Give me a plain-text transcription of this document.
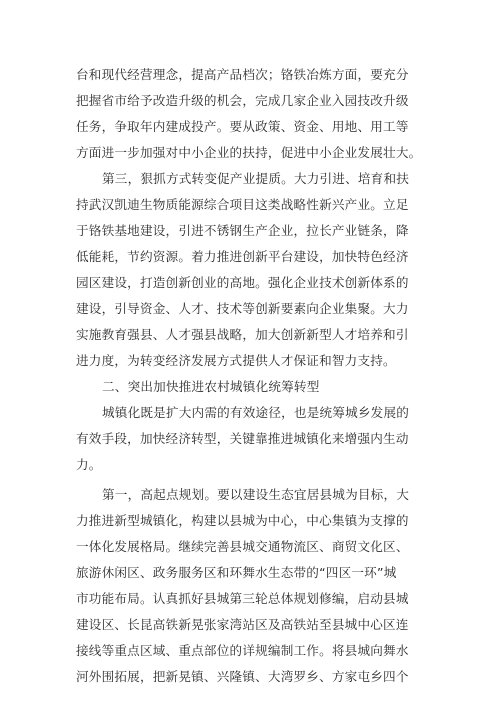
台和现代经营理念，提高产品档次；铬铁冶炼方面，要充分
把握省市给予改造升级的机会，完成几家企业入园技改升级
任务，争取年内建成投产。要从政策、资金、用地、用工等
方面进一步加强对中小企业的扶持，促进中小企业发展壮大。
第三，狠抓方式转变促产业提质。大力引进、培育和扶
持武汉凯迪生物质能源综合项目这类战略性新兴产业。立足
于铬铁基地建设，引进不锈钢生产企业，拉长产业链条，降
低能耗，节约资源。着力推进创新平台建设，加快特色经济
园区建设，打造创新创业的高地。强化企业技术创新体系的
建设，引导资金、人才、技术等创新要素向企业集聚。大力
实施教育强县、人才强县战略，加大创新新型人才培养和引
进力度，为转变经济发展方式提供人才保证和智力支持。
二、突出加快推进农村城镇化统筹转型
城镇化既是扩大内需的有效途径，也是统筹城乡发展的
有效手段，加快经济转型，关键靠推进城镇化来增强内生动
力。
第一，高起点规划。要以建设生态宜居县城为目标，大
力推进新型城镇化，构建以县城为中心，中心集镇为支撑的
一体化发展格局。继续完善县城交通物流区、商贸文化区、
旅游休闲区、政务服务区和环舞水生态带的“四区一环”城
市功能布局。认真抓好县城第三轮总体规划修编，启动县城
建设区、长昆高铁新晃张家湾站区及高铁站至县城中心区连
接线等重点区域、重点部位的详规编制工作。将县城向舞水
河外围拓展，把新晃镇、兴隆镇、大湾罗乡、方家屯乡四个
